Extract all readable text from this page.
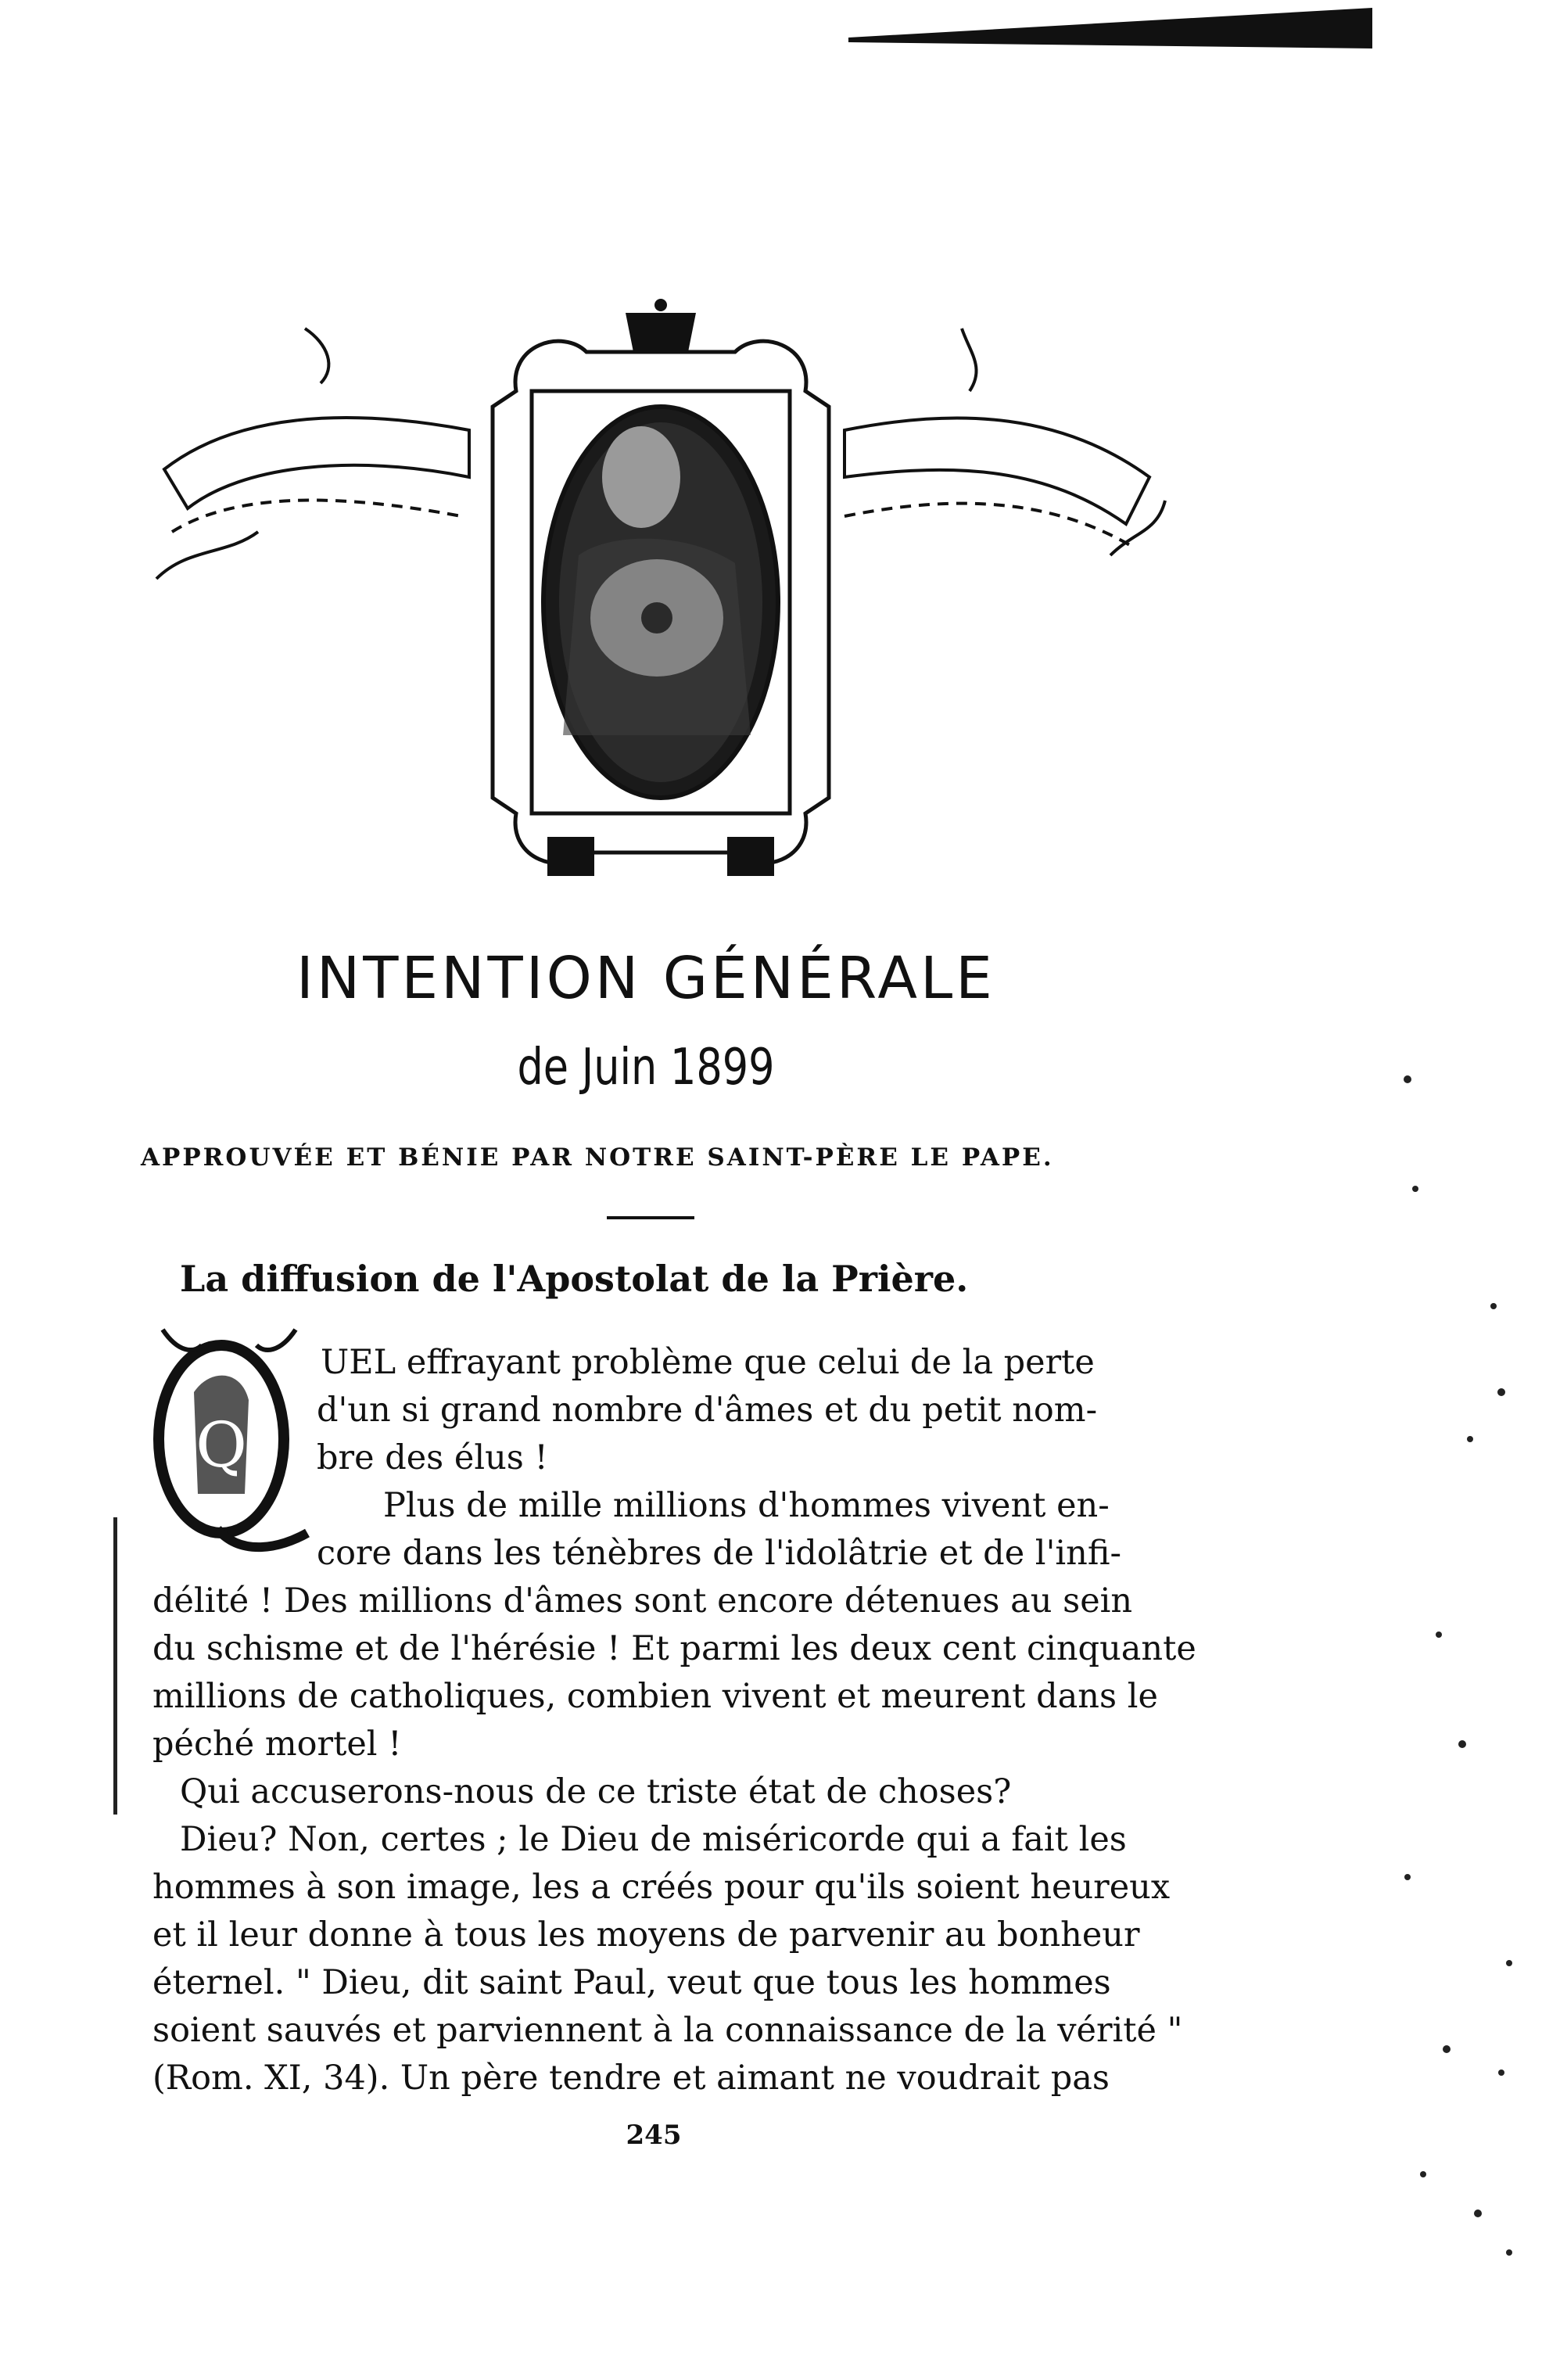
INTENTION GÉNÉRALE
de Juin 1899
APPROUVÉE ET BÉNIE PAR NOTRE SAINT-PÈRE LE PAPE.
La diffusion de l'Apostolat de la Prière.
Q
UEL effrayant problème que celui de la perte
d'un si grand nombre d'âmes et du petit nom-
bre des élus !
Plus de mille millions d'hommes vivent en-
core dans les ténèbres de l'idolâtrie et de l'infi-
délité ! Des millions d'âmes sont encore détenues au sein
du schisme et de l'hérésie ! Et parmi les deux cent cinquante
millions de catholiques, combien vivent et meurent dans le
péché mortel !
Qui accuserons-nous de ce triste état de choses?
Dieu? Non, certes ; le Dieu de miséricorde qui a fait les
hommes à son image, les a créés pour qu'ils soient heureux
et il leur donne à tous les moyens de parvenir au bonheur
éternel. " Dieu, dit saint Paul, veut que tous les hommes
soient sauvés et parviennent à la connaissance de la vérité "
(Rom. XI, 34). Un père tendre et aimant ne voudrait pas
245
